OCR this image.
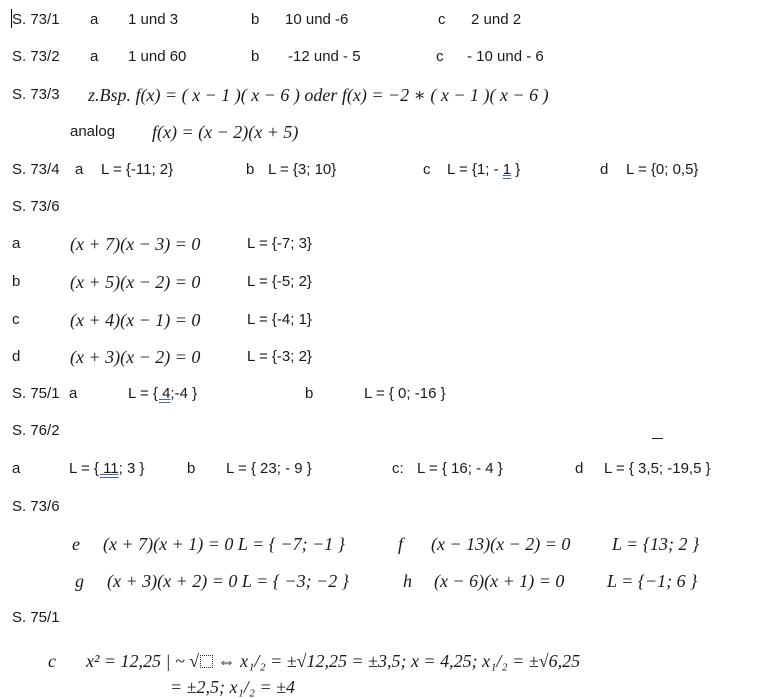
S. 73/1 a 1 und 3	b 10 und -6	c 2 und 2
S. 73/2 a 1 und 60	b -12 und - 5	c - 10 und - 6
S. 73/3 z.Bsp. f(x) = ( x − 1 )( x − 6 ) oder f(x) = −2 ∗ ( x − 1 )( x − 6 )
analog f(x) = (x − 2)(x + 5)
S. 73/4 a L = {-11; 2}	b L = {3; 10}	c L = {1; - 1 }	d L = {0; 0,5}
S. 73/6
a	(x + 7)(x − 3) = 0	L = {-7; 3}
b	(x + 5)(x − 2) = 0	L = {-5; 2}
c	(x + 4)(x − 1) = 0	L = {-4; 1}
d	(x + 3)(x − 2) = 0	L = {-3; 2}
S. 75/1 a	L = { 4;-4 }	b	L = { 0; -16 }
S. 76/2
a	L = { 11; 3 }	b L = { 23; - 9 }	c: L = { 16; - 4 }	d L = { 3,5; -19,5 }
S. 73/6
e (x + 7)(x + 1) = 0 L = { −7; −1 }	f (x − 13)(x − 2) = 0 L = {13; 2 }
g (x + 3)(x + 2) = 0 L = { −3; −2 }	h (x − 6)(x + 1) = 0 L = {−1; 6 }
S. 75/1
c x² = 12,25 | ~ √ ⇔ x₁/₂ = ±√12,25 = ±3,5; x = 4,25; x₁/₂ = ±√6,25
= ±2,5; x₁/₂ = ±4
